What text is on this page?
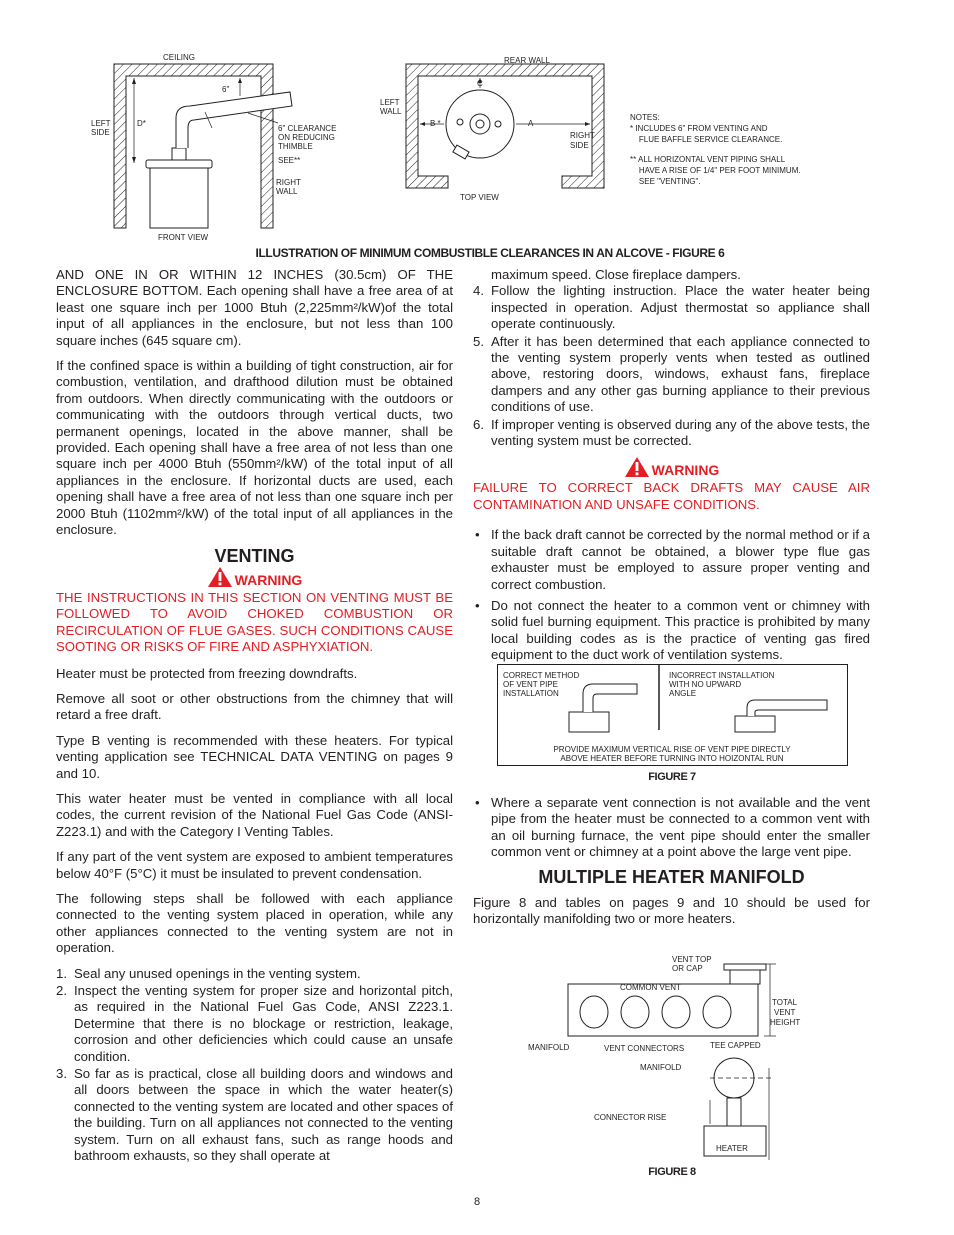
CEILING
LEFT
SIDE
D*
6"
6" CLEARANCE
ON REDUCING
THIMBLE
SEE**
RIGHT
WALL
FRONT VIEW
REAR WALL
LEFT
WALL
C
B *	A
RIGHT
SIDE
TOP VIEW
NOTES:
* INCLUDES 6" FROM VENTING AND
FLUE BAFFLE SERVICE CLEARANCE.
** ALL HORIZONTAL VENT PIPING SHALL
HAVE A RISE OF 1/4" PER FOOT MINIMUM.
SEE "VENTING".
ILLUSTRATION OF MINIMUM COMBUSTIBLE CLEARANCES IN AN ALCOVE - FIGURE 6

AND ONE IN OR WITHIN 12 INCHES (30.5cm) OF THE ENCLOSURE BOTTOM. Each opening shall have a free area of at least one square inch per 1000 Btuh (2,225mm²/kW)of the total input of all appliances in the enclosure, but not less than 100 square inches (645 square cm).

If the confined space is within a building of tight construction, air for combustion, ventilation, and drafthood dilution must be obtained from outdoors. When directly communicating with the outdoors or communicating with the outdoors through vertical ducts, two permanent openings, located in the above manner, shall be provided. Each opening shall have a free area of not less than one square inch per 4000 Btuh (550mm²/kW) of the total input of all appliances in the enclosure. If horizontal ducts are used, each opening shall have a free area of not less than one square inch per 2000 Btuh (1102mm²/kW) of the total input of all appliances in the enclosure.

VENTING
WARNING

THE INSTRUCTIONS IN THIS SECTION ON VENTING MUST BE FOLLOWED TO AVOID CHOKED COMBUSTION OR RECIRCULATION OF FLUE GASES. SUCH CONDITIONS CAUSE SOOTING OR RISKS OF FIRE AND ASPHYXIATION.

Heater must be protected from freezing downdrafts.

Remove all soot or other obstructions from the chimney that will retard a free draft.

Type B venting is recommended with these heaters. For typical venting application see TECHNICAL DATA VENTING on pages 9 and 10.

This water heater must be vented in compliance with all local codes, the current revision of the National Fuel Gas Code (ANSI-Z223.1) and with the Category I Venting Tables.

If any part of the vent system are exposed to ambient temperatures below 40°F (5°C) it must be insulated to prevent condensation.

The following steps shall be followed with each appliance connected to the venting system placed in operation, while any other appliances connected to the venting system are not in operation.

1. Seal any unused openings in the venting system.
2. Inspect the venting system for proper size and horizontal pitch, as required in the National Fuel Gas Code, ANSI Z223.1. Determine that there is no blockage or restriction, leakage, corrosion and other deficiencies which could cause an unsafe condition.
3. So far as is practical, close all building doors and windows and all doors between the space in which the water heater(s) connected to the venting system are located and other spaces of the building. Turn on all appliances not connected to the venting system. Turn on all exhaust fans, such as range hoods and bathroom exhausts, so they shall operate at
maximum speed. Close fireplace dampers.
4. Follow the lighting instruction. Place the water heater being inspected in operation. Adjust thermostat so appliance shall operate continuously.
5. After it has been determined that each appliance connected to the venting system properly vents when tested as outlined above, restoring doors, windows, exhaust fans, fireplace dampers and any other gas burning appliance to their previous conditions of use.
6. If improper venting is observed during any of the above tests, the venting system must be corrected.
WARNING

FAILURE TO CORRECT BACK DRAFTS MAY CAUSE AIR CONTAMINATION AND UNSAFE CONDITIONS.

• If the back draft cannot be corrected by the normal method or if a suitable draft cannot be obtained, a blower type flue gas exhauster must be employed to assure proper venting and correct combustion.
• Do not connect the heater to a common vent or chimney with solid fuel burning equipment. This practice is prohibited by many local building codes as is the practice of venting gas fired equipment to the duct work of ventilation systems.
CORRECT METHOD
OF VENT PIPE
INSTALLATION
INCORRECT INSTALLATION
WITH NO UPWARD
ANGLE
PROVIDE MAXIMUM VERTICAL RISE OF VENT PIPE DIRECTLY
ABOVE HEATER BEFORE TURNING INTO HOIZONTAL RUN
FIGURE 7
• Where a separate vent connection is not available and the vent pipe from the heater must be connected to a common vent with an oil burning furnace, the vent pipe should enter the smaller common vent or chimney at a point above the large vent pipe.
MULTIPLE HEATER MANIFOLD

Figure 8 and tables on pages 9 and 10 should be used for horizontally manifolding two or more heaters.

VENT TOP
OR CAP
COMMON VENT
TOTAL
VENT
HEIGHT
MANIFOLD	VENT CONNECTORS	TEE CAPPED
MANIFOLD
CONNECTOR RISE
HEATER
FIGURE 8
8
